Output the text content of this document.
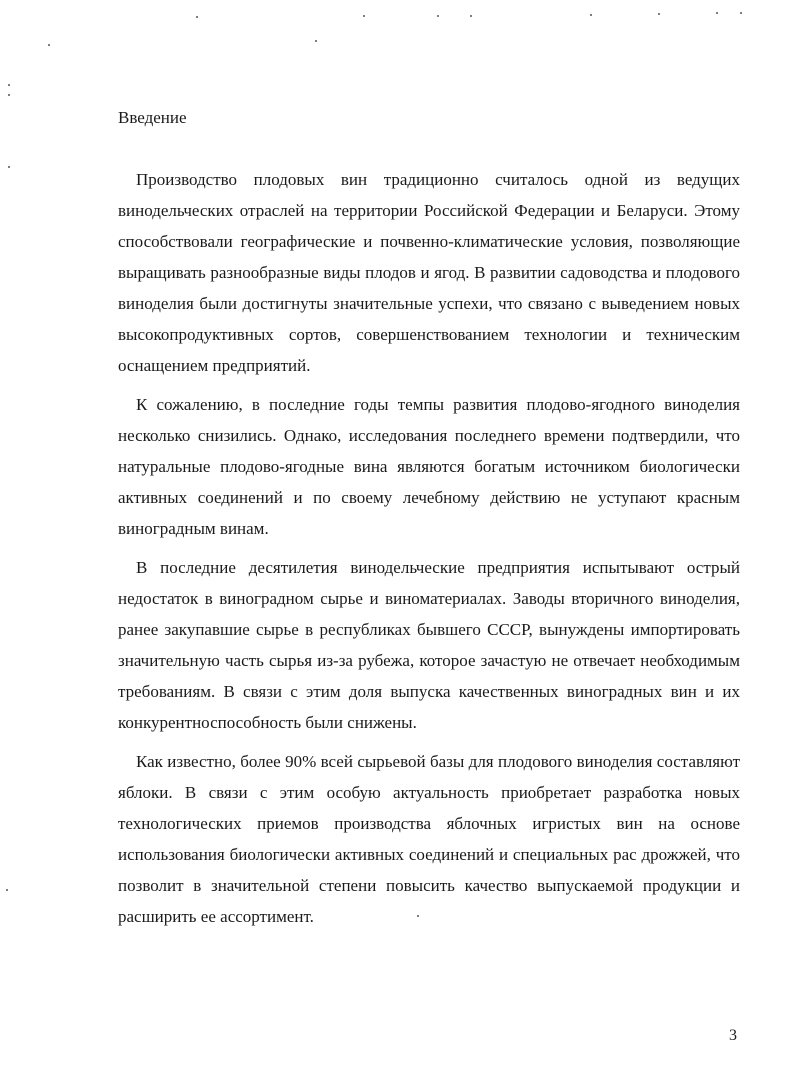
Введение

Производство плодовых вин традиционно считалось одной из ведущих винодельческих отраслей на территории Российской Федерации и Беларуси. Этому способствовали географические и почвенно-климатические условия, позволяющие выращивать разнообразные виды плодов и ягод. В развитии садоводства и плодового виноделия были достигнуты значительные успехи, что связано с выведением новых высокопродуктивных сортов, совершенствованием технологии и техническим оснащением предприятий.

К сожалению, в последние годы темпы развития плодово-ягодного виноделия несколько снизились. Однако, исследования последнего времени подтвердили, что натуральные плодово-ягодные вина являются богатым источником биологически активных соединений и по своему лечебному действию не уступают красным виноградным винам.

В последние десятилетия винодельческие предприятия испытывают острый недостаток в виноградном сырье и виноматериалах. Заводы вторичного виноделия, ранее закупавшие сырье в республиках бывшего СССР, вынуждены импортировать значительную часть сырья из-за рубежа, которое зачастую не отвечает необходимым требованиям. В связи с этим доля выпуска качественных виноградных вин и их конкурентноспособность были снижены.

Как известно, более 90% всей сырьевой базы для плодового виноделия составляют яблоки. В связи с этим особую актуальность приобретает разработка новых технологических приемов производства яблочных игристых вин на основе использования биологически активных соединений и специальных рас дрожжей, что позволит в значительной степени повысить качество выпускаемой продукции и расширить ее ассортимент.

3
